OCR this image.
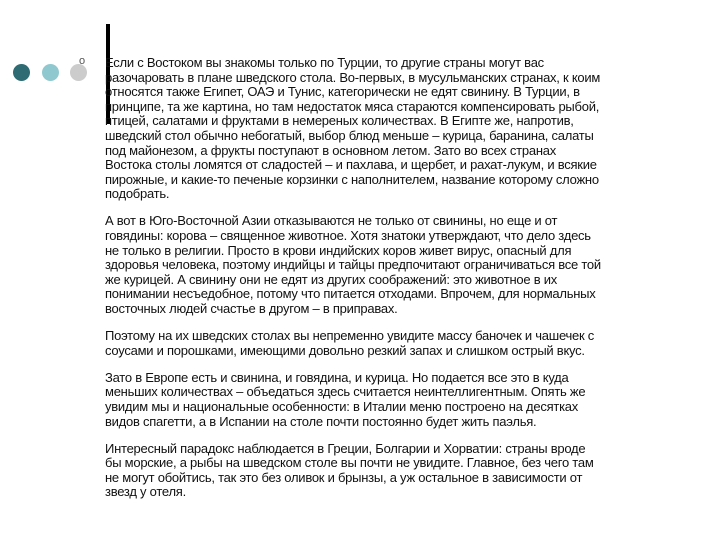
o Если с Востоком вы знакомы только по Турции, то другие страны могут вас
разочаровать в плане шведского стола. Во-первых, в мусульманских странах, к коим
относятся также Египет, ОАЭ и Тунис, категорически не едят свинину. В Турции, в
принципе, та же картина, но там недостаток мяса стараются компенсировать рыбой,
птицей, салатами и фруктами в немереных количествах. В Египте же, напротив,
шведский стол обычно небогатый, выбор блюд меньше – курица, баранина, салаты
под майонезом, а фрукты поступают в основном летом. Зато во всех странах
Востока столы ломятся от сладостей – и пахлава, и щербет, и рахат-лукум, и всякие
пирожные, и какие-то печеные корзинки с наполнителем, название которому сложно
подобрать.
А вот в Юго-Восточной Азии отказываются не только от свинины, но еще и от
говядины: корова – священное животное. Хотя знатоки утверждают, что дело здесь
не только в религии. Просто в крови индийских коров живет вирус, опасный для
здоровья человека, поэтому индийцы и тайцы предпочитают ограничиваться все той
же курицей. А свинину они не едят из других соображений: это животное в их
понимании несъедобное, потому что питается отходами. Впрочем, для нормальных
восточных людей счастье в другом – в приправах.
Поэтому на их шведских столах вы непременно увидите массу баночек и чашечек с
соусами и порошками, имеющими довольно резкий запах и слишком острый вкус.
Зато в Европе есть и свинина, и говядина, и курица. Но подается все это в куда
меньших количествах – объедаться здесь считается неинтеллигентным. Опять же
увидим мы и национальные особенности: в Италии меню построено на десятках
видов спагетти, а в Испании на столе почти постоянно будет жить паэлья.
Интересный парадокс наблюдается в Греции, Болгарии и Хорватии: страны вроде
бы морские, а рыбы на шведском столе вы почти не увидите. Главное, без чего там
не могут обойтись, так это без оливок и брынзы, а уж остальное в зависимости от
звезд у отеля.
